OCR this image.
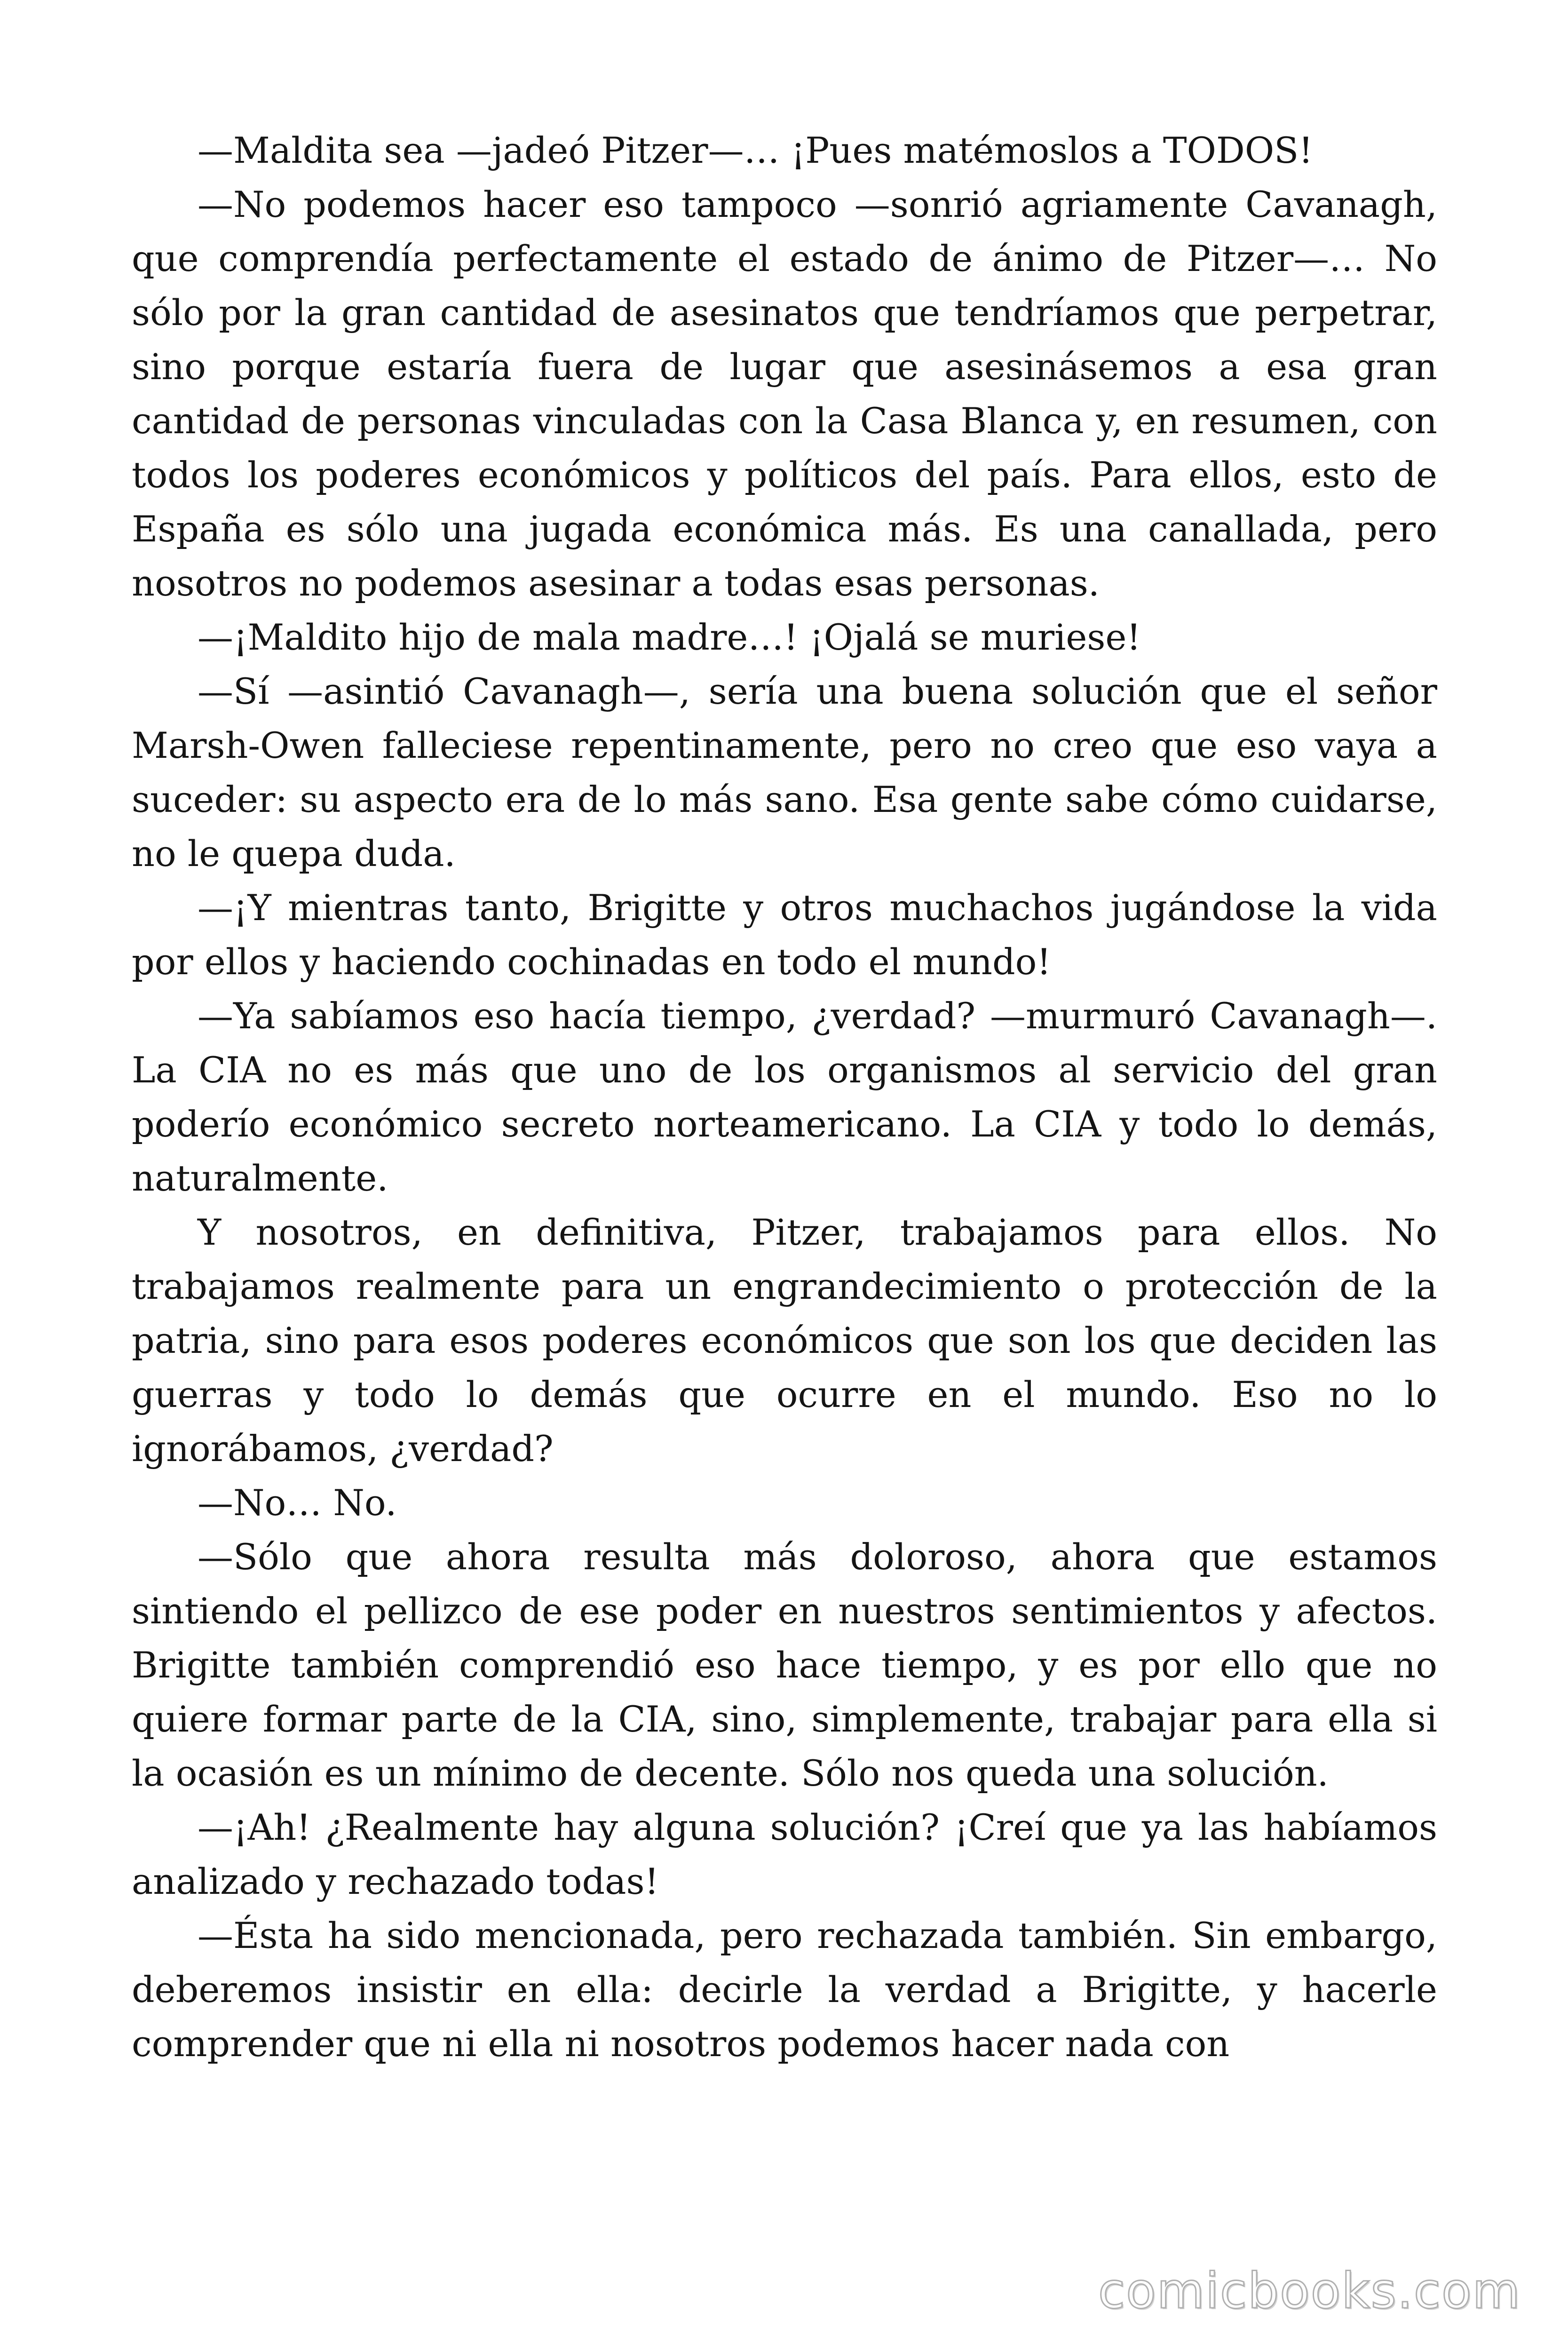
—Maldita sea —jadeó Pitzer—… ¡Pues matémoslos a TODOS!

—No podemos hacer eso tampoco —sonrió agriamente Cavanagh, que comprendía perfectamente el estado de ánimo de Pitzer—… No sólo por la gran cantidad de asesinatos que tendríamos que perpetrar, sino porque estaría fuera de lugar que asesinásemos a esa gran cantidad de personas vinculadas con la Casa Blanca y, en resumen, con todos los poderes económicos y políticos del país. Para ellos, esto de España es sólo una jugada económica más. Es una canallada, pero nosotros no podemos asesinar a todas esas personas.

—¡Maldito hijo de mala madre…! ¡Ojalá se muriese!

—Sí —asintió Cavanagh—, sería una buena solución que el señor Marsh-Owen falleciese repentinamente, pero no creo que eso vaya a suceder: su aspecto era de lo más sano. Esa gente sabe cómo cuidarse, no le quepa duda.

—¡Y mientras tanto, Brigitte y otros muchachos jugándose la vida por ellos y haciendo cochinadas en todo el mundo!

—Ya sabíamos eso hacía tiempo, ¿verdad? —murmuró Cavanagh—. La CIA no es más que uno de los organismos al servicio del gran poderío económico secreto norteamericano. La CIA y todo lo demás, naturalmente.

Y nosotros, en definitiva, Pitzer, trabajamos para ellos. No trabajamos realmente para un engrandecimiento o protección de la patria, sino para esos poderes económicos que son los que deciden las guerras y todo lo demás que ocurre en el mundo. Eso no lo ignorábamos, ¿verdad?

—No… No.

—Sólo que ahora resulta más doloroso, ahora que estamos sintiendo el pellizco de ese poder en nuestros sentimientos y afectos. Brigitte también comprendió eso hace tiempo, y es por ello que no quiere formar parte de la CIA, sino, simplemente, trabajar para ella si la ocasión es un mínimo de decente. Sólo nos queda una solución.

—¡Ah! ¿Realmente hay alguna solución? ¡Creí que ya las habíamos analizado y rechazado todas!

—Ésta ha sido mencionada, pero rechazada también. Sin embargo, deberemos insistir en ella: decirle la verdad a Brigitte, y hacerle comprender que ni ella ni nosotros podemos hacer nada con

comicbooks.com
